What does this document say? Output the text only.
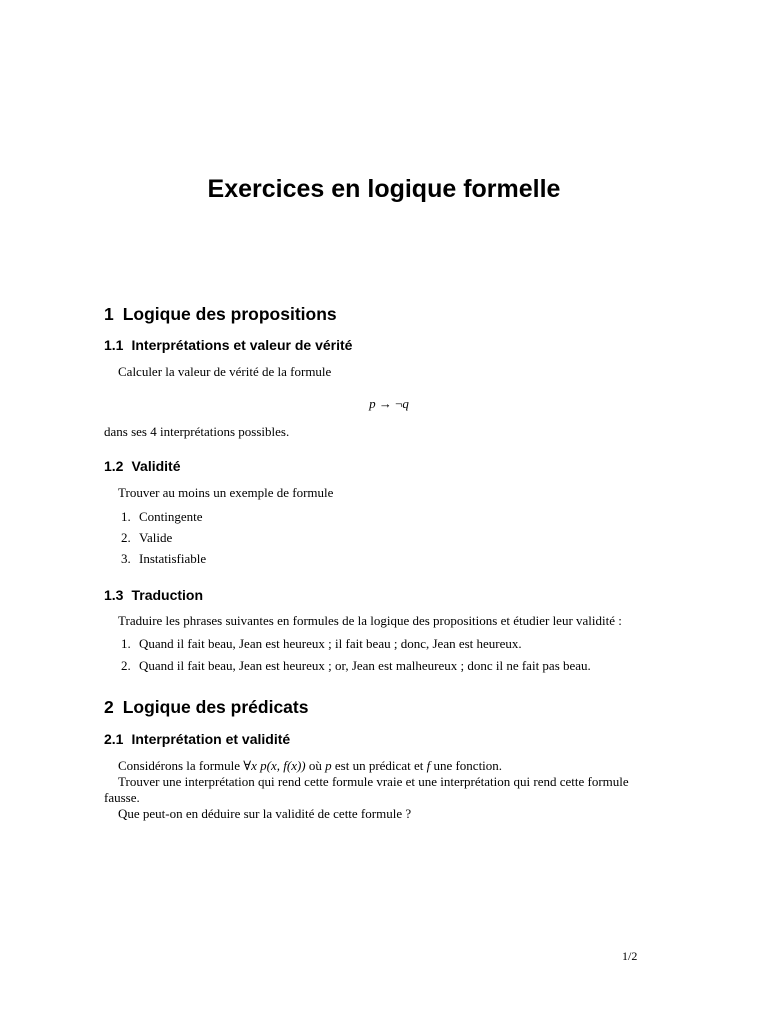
Exercices en logique formelle
1 Logique des propositions
1.1 Interprétations et valeur de vérité
Calculer la valeur de vérité de la formule
p → ¬q
dans ses 4 interprétations possibles.
1.2 Validité
Trouver au moins un exemple de formule
1. Contingente
2. Valide
3. Instatisfiable
1.3 Traduction
Traduire les phrases suivantes en formules de la logique des propositions et étudier leur validité :
1. Quand il fait beau, Jean est heureux ; il fait beau ; donc, Jean est heureux.
2. Quand il fait beau, Jean est heureux ; or, Jean est malheureux ; donc il ne fait pas beau.
2 Logique des prédicats
2.1 Interprétation et validité
Considérons la formule ∀x p(x, f(x)) où p est un prédicat et f une fonction.
Trouver une interprétation qui rend cette formule vraie et une interprétation qui rend cette formule
fausse.
Que peut-on en déduire sur la validité de cette formule ?
1/2
